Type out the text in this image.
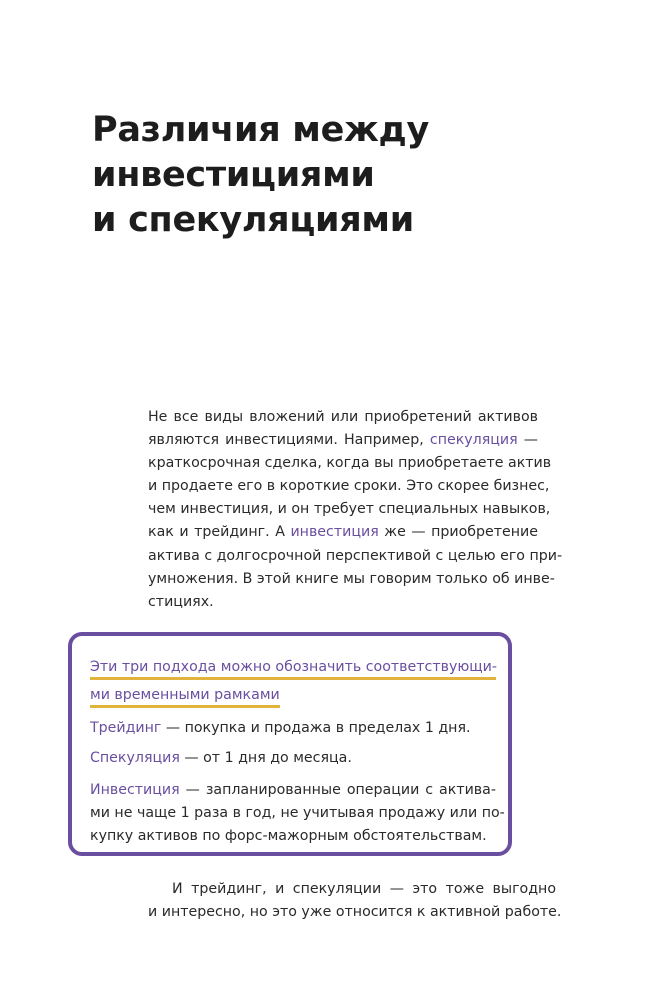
Различия между
инвестициями
и спекуляциями
Не все виды вложений или приобретений активов
являются инвестициями. Например, спекуляция —
краткосрочная сделка, когда вы приобретаете актив
и продаете его в короткие сроки. Это скорее бизнес,
чем инвестиция, и он требует специальных навыков,
как и трейдинг. А инвестиция же — приобретение
актива с долгосрочной перспективой с целью его при-
умножения. В этой книге мы говорим только об инве-
стициях.
Эти три подхода можно обозначить соответствующи-
ми временными рамками
Трейдинг — покупка и продажа в пределах 1 дня.
Спекуляция — от 1 дня до месяца.
Инвестиция — запланированные операции с актива-
ми не чаще 1 раза в год, не учитывая продажу или по-
купку активов по форс-мажорным обстоятельствам.
И трейдинг, и спекуляции — это тоже выгодно
и интересно, но это уже относится к активной работе.
